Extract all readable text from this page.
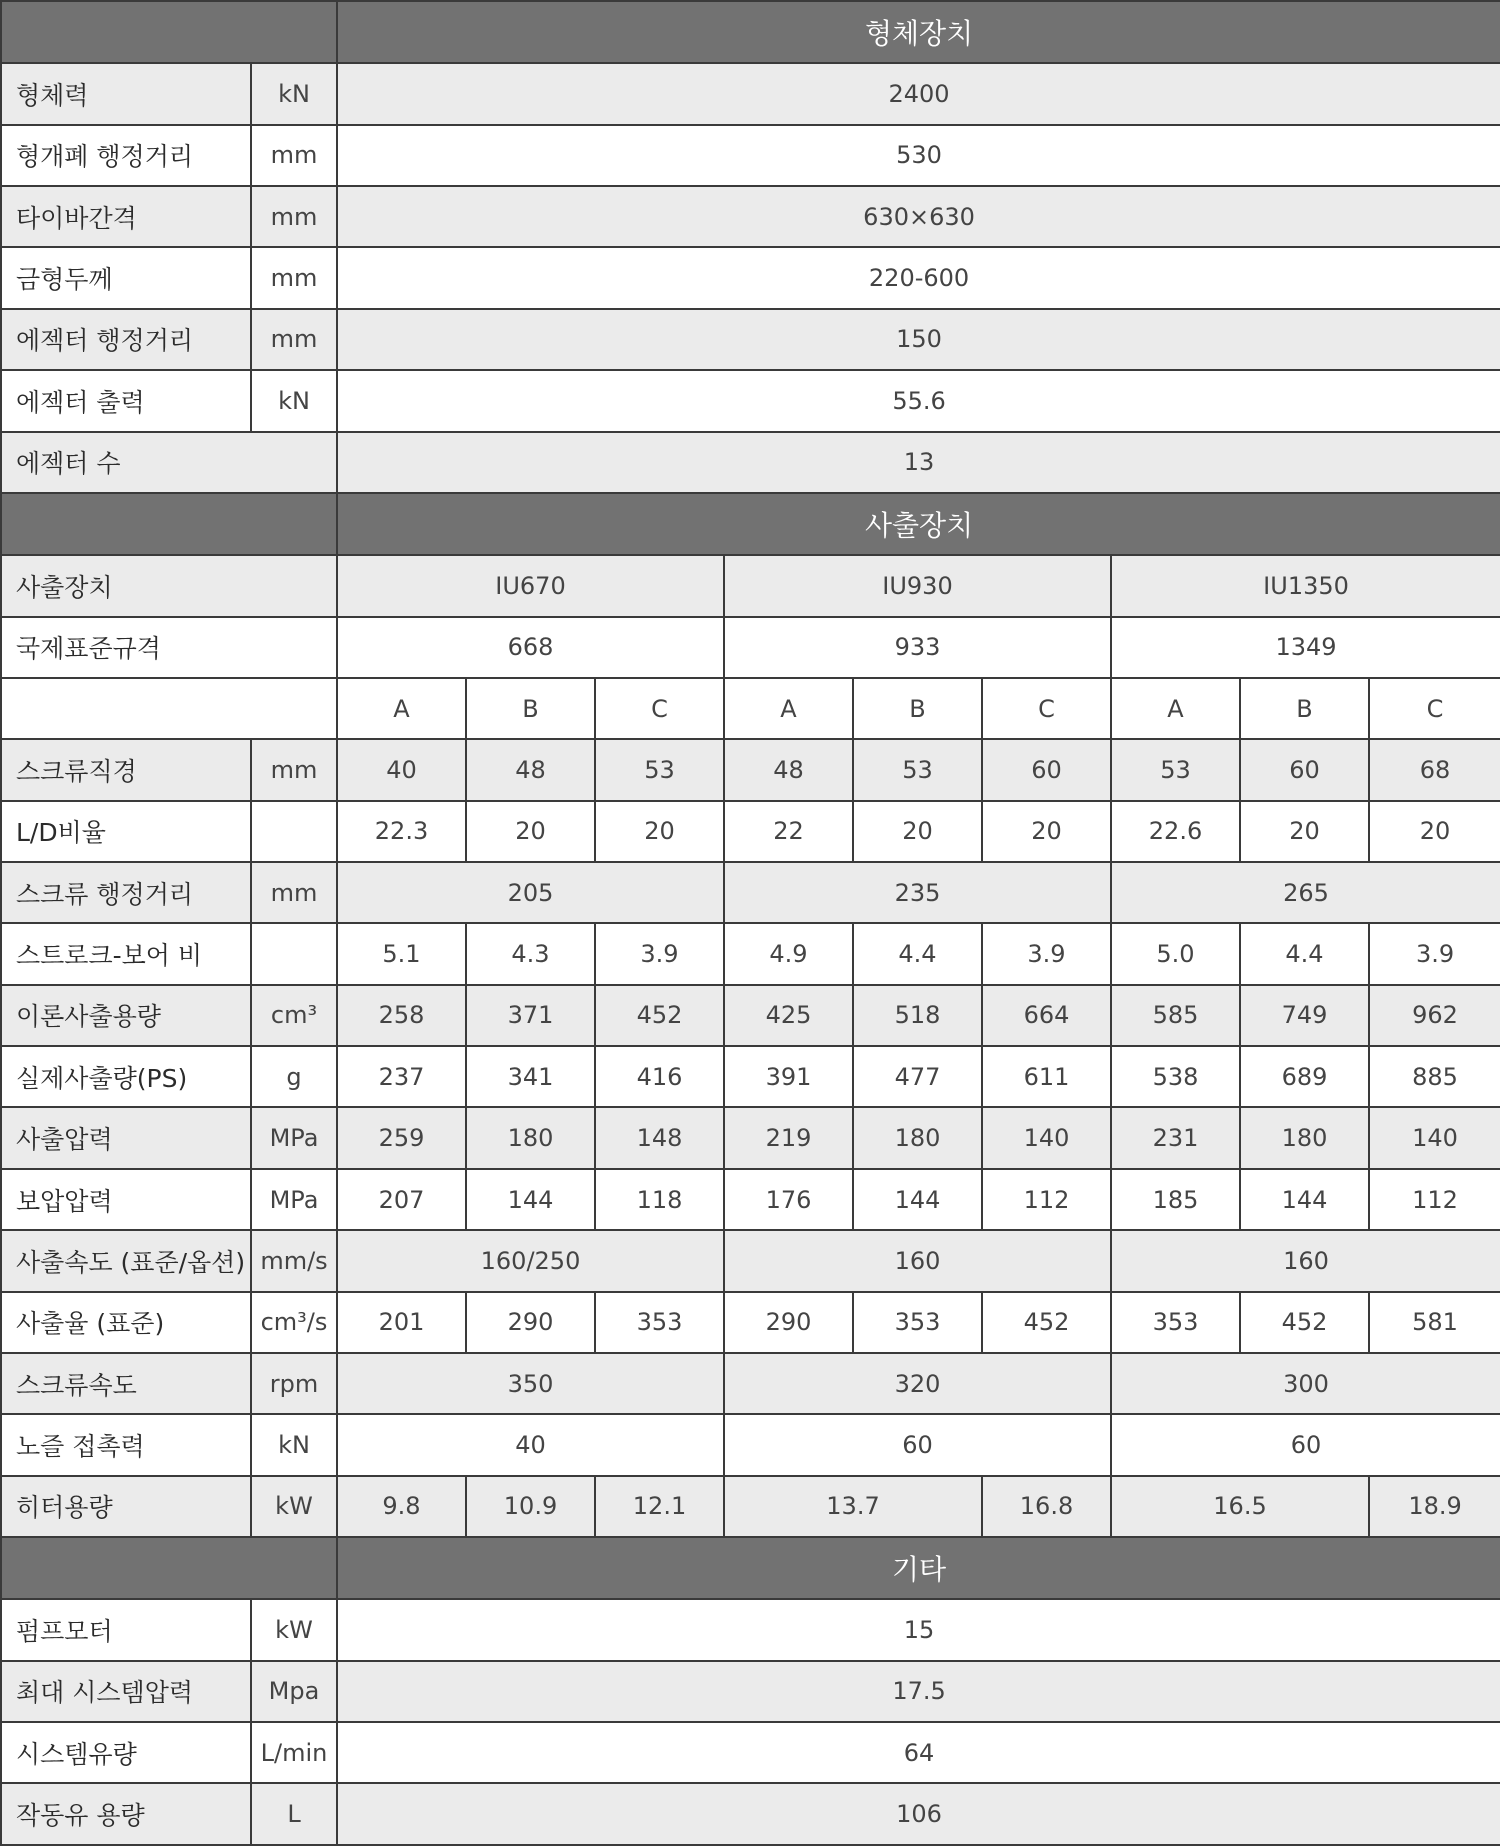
		형체장치								
형체력	kN	2400								
형개폐 행정거리	mm	530								
타이바간격	mm	630×630								
금형두께	mm	220-600								
에젝터 행정거리	mm	150								
에젝터 출력	kN	55.6								
에젝터 수		13								
		사출장치								
사출장치		IU670			IU930			IU1350		
국제표준규격		668			933			1349		
		A	B	C	A	B	C	A	B	C
스크류직경	mm	40	48	53	48	53	60	53	60	68
L/D비율		22.3	20	20	22	20	20	22.6	20	20
스크류 행정거리	mm	205			235			265		
스트로크-보어 비		5.1	4.3	3.9	4.9	4.4	3.9	5.0	4.4	3.9
이론사출용량	cm³	258	371	452	425	518	664	585	749	962
실제사출량(PS)	g	237	341	416	391	477	611	538	689	885
사출압력	MPa	259	180	148	219	180	140	231	180	140
보압압력	MPa	207	144	118	176	144	112	185	144	112
사출속도 (표준/옵션)	mm/s	160/250			160			160		
사출율 (표준)	cm³/s	201	290	353	290	353	452	353	452	581
스크류속도	rpm	350			320			300		
노즐 접촉력	kN	40			60			60		
히터용량	kW	9.8	10.9	12.1	13.7		16.8	16.5		18.9
		기타								
펌프모터	kW	15								
최대 시스템압력	Mpa	17.5								
시스템유량	L/min	64								
작동유 용량	L	106								
